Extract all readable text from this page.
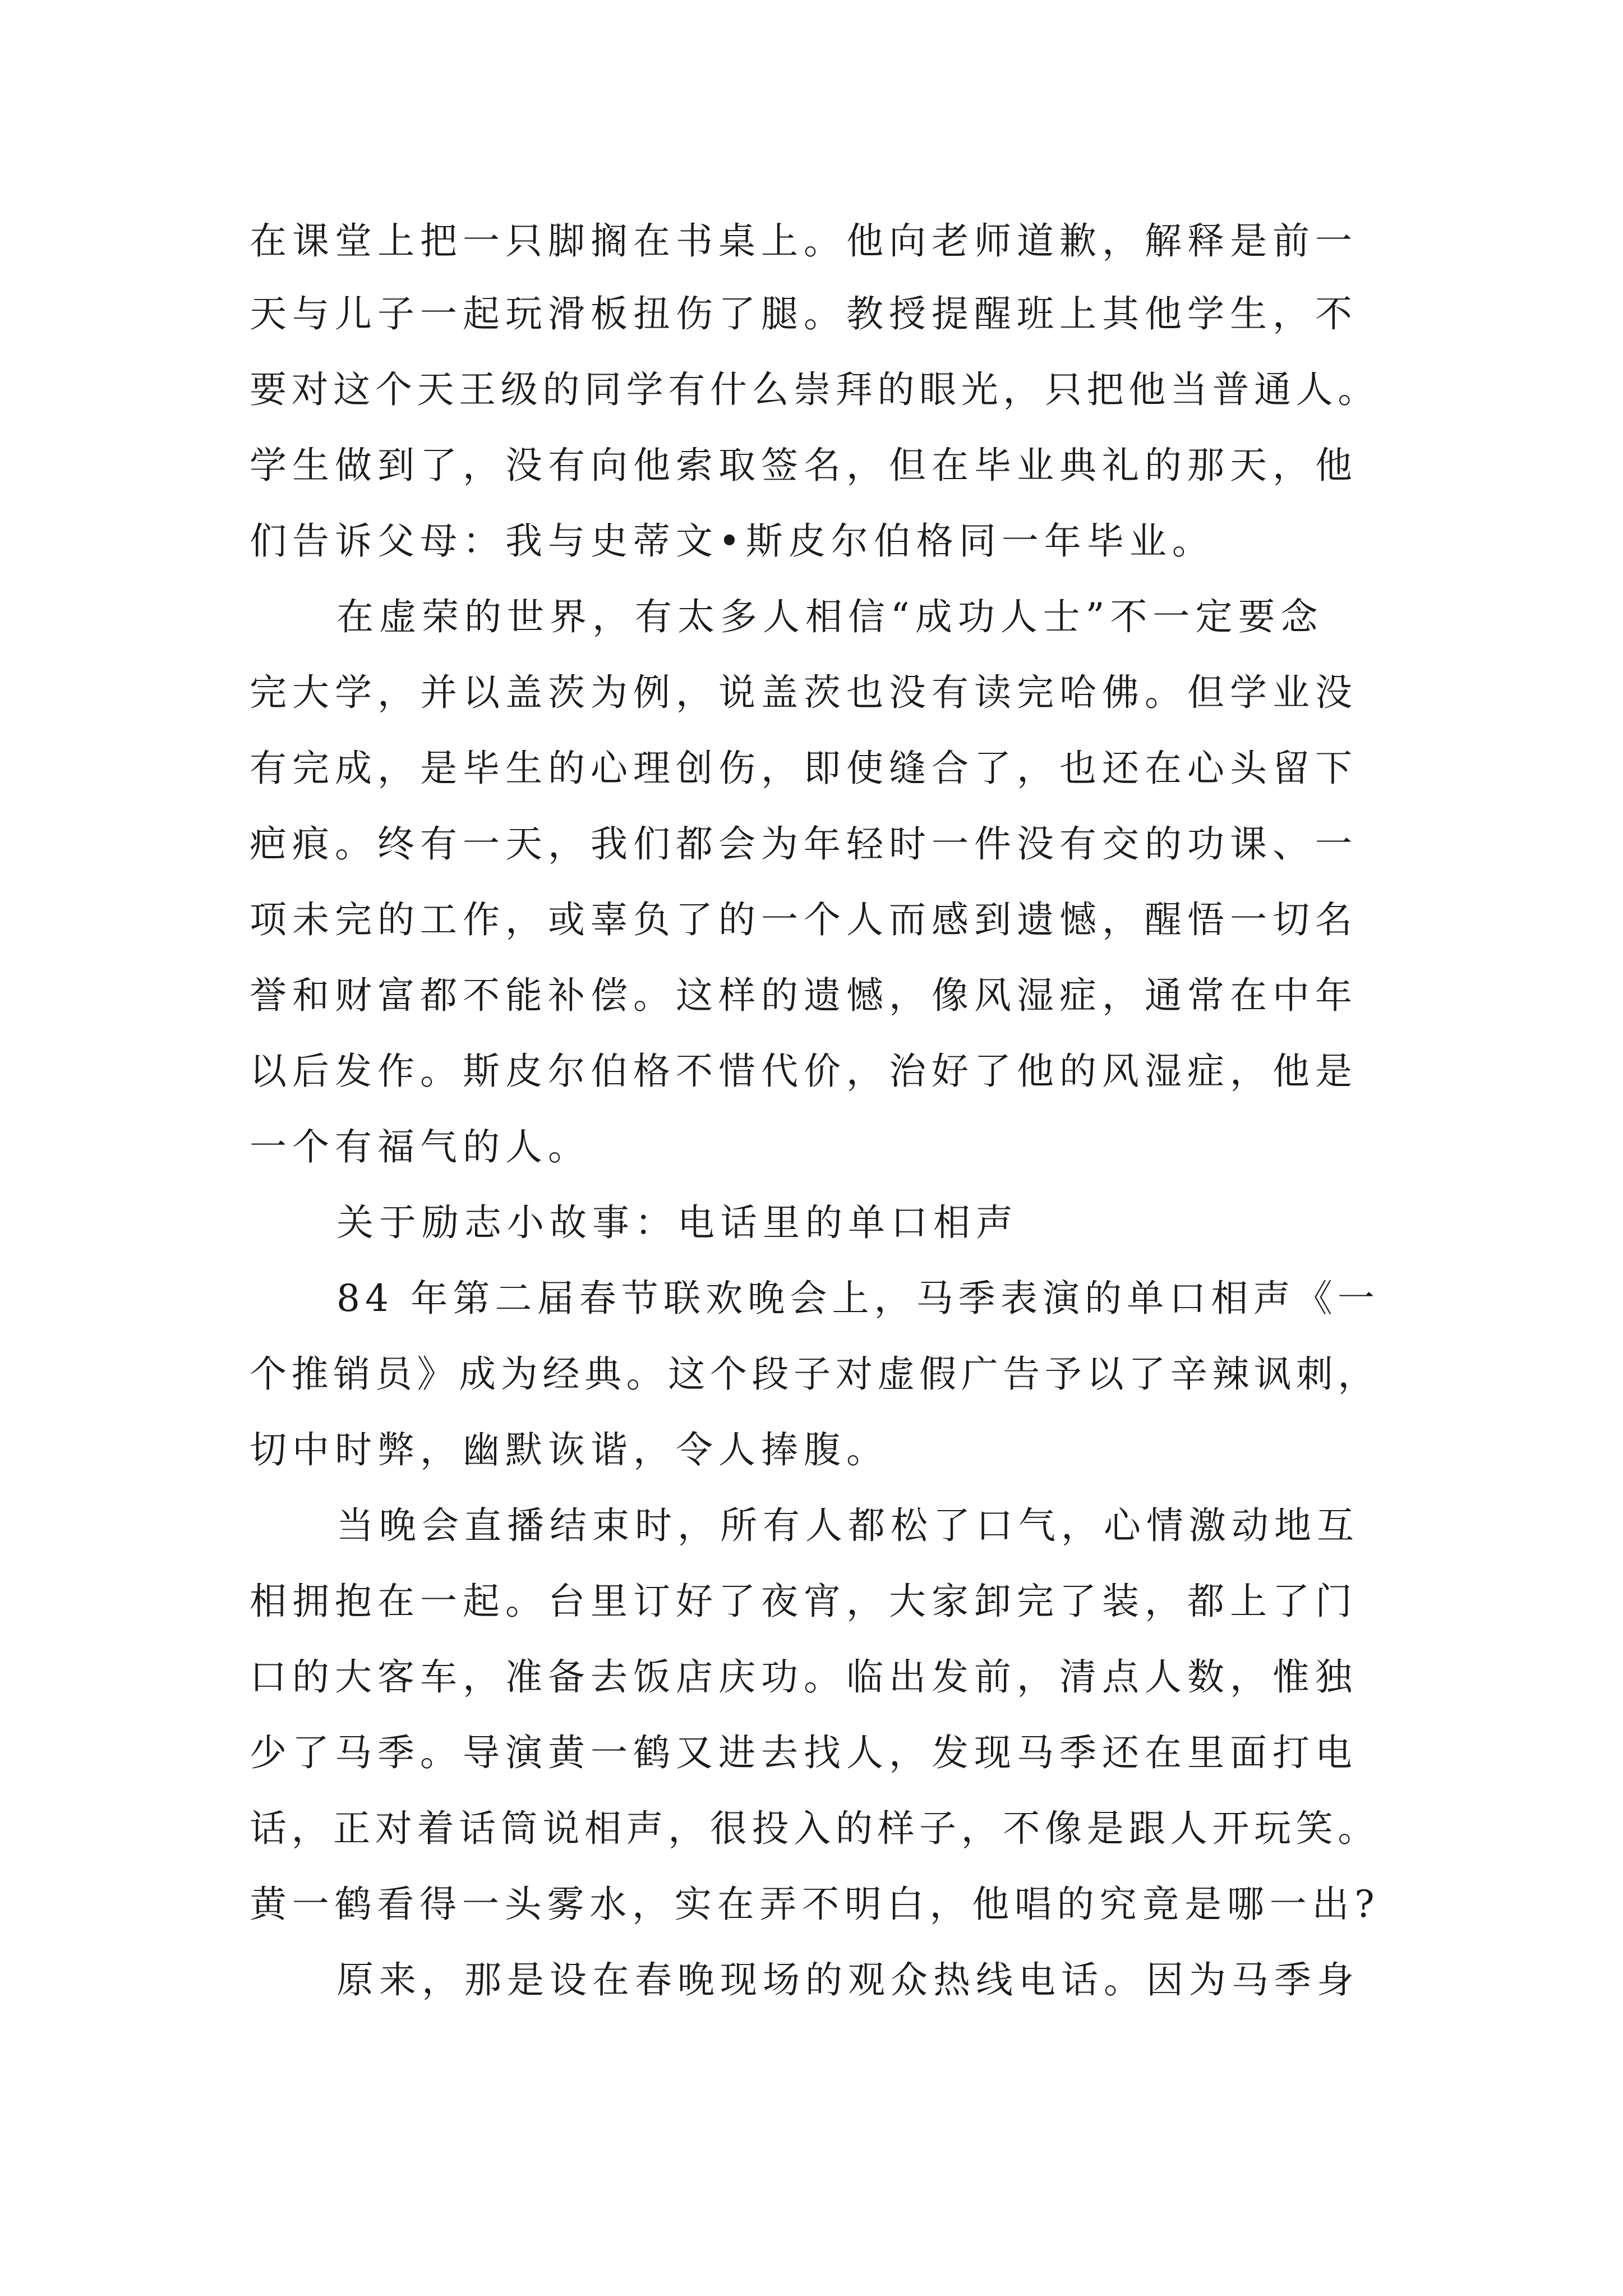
在课堂上把一只脚搁在书桌上。他向老师道歉，解释是前一
天与儿子一起玩滑板扭伤了腿。教授提醒班上其他学生，不
要对这个天王级的同学有什么崇拜的眼光，只把他当普通人。
学生做到了，没有向他索取签名，但在毕业典礼的那天，他
们告诉父母：我与史蒂文•斯皮尔伯格同一年毕业。
在虚荣的世界，有太多人相信“成功人士”不一定要念
完大学，并以盖茨为例，说盖茨也没有读完哈佛。但学业没
有完成，是毕生的心理创伤，即使缝合了，也还在心头留下
疤痕。终有一天，我们都会为年轻时一件没有交的功课、一
项未完的工作，或辜负了的一个人而感到遗憾，醒悟一切名
誉和财富都不能补偿。这样的遗憾，像风湿症，通常在中年
以后发作。斯皮尔伯格不惜代价，治好了他的风湿症，他是
一个有福气的人。
关于励志小故事：电话里的单口相声
84 年第二届春节联欢晚会上，马季表演的单口相声《一
个推销员》成为经典。这个段子对虚假广告予以了辛辣讽刺，
切中时弊，幽默诙谐，令人捧腹。
当晚会直播结束时，所有人都松了口气，心情激动地互
相拥抱在一起。台里订好了夜宵，大家卸完了装，都上了门
口的大客车，准备去饭店庆功。临出发前，清点人数，惟独
少了马季。导演黄一鹤又进去找人，发现马季还在里面打电
话，正对着话筒说相声，很投入的样子，不像是跟人开玩笑。
黄一鹤看得一头雾水，实在弄不明白，他唱的究竟是哪一出?
原来，那是设在春晚现场的观众热线电话。因为马季身
